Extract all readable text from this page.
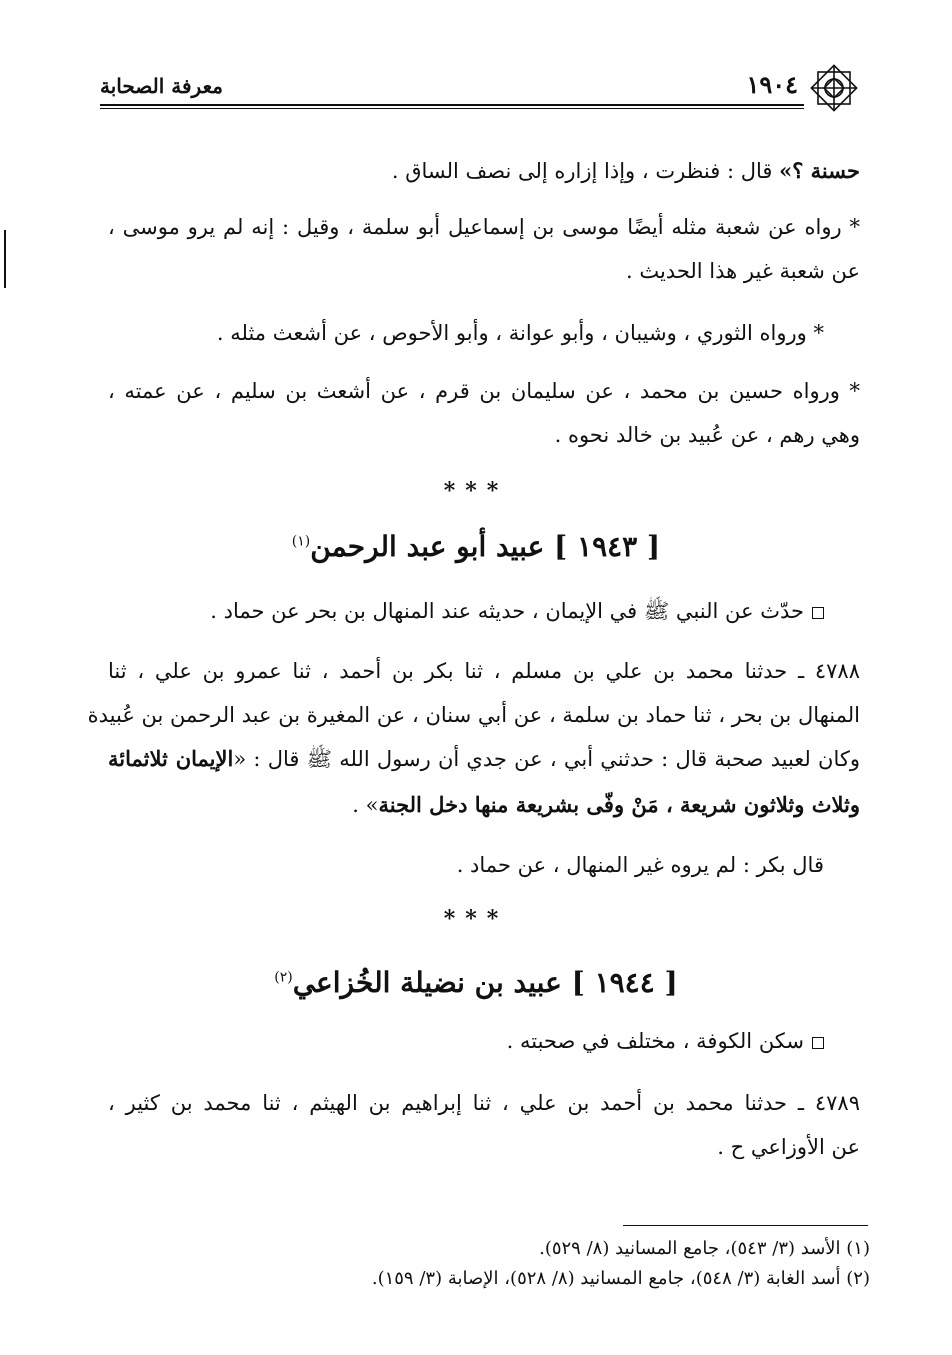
معرفة الصحابة	١٩٠٤
حسنة ؟» قال : فنظرت ، وإذا إزاره إلى نصف الساق .
* رواه عن شعبة مثله أيضًا موسى بن إسماعيل أبو سلمة ، وقيل : إنه لم يرو موسى ،
عن شعبة غير هذا الحديث .
* ورواه الثوري ، وشيبان ، وأبو عوانة ، وأبو الأحوص ، عن أشعث مثله .
* ورواه حسين بن محمد ، عن سليمان بن قرم ، عن أشعث بن سليم ، عن عمته ،
وهي رهم ، عن عُبيد بن خالد نحوه .
***
[ ١٩٤٣ ] عبيد أبو عبد الرحمن$^{(١)}$
حدّث عن النبي ﷺ في الإيمان ، حديثه عند المنهال بن بحر عن حماد .
٤٧٨٨ ـ حدثنا محمد بن علي بن مسلم ، ثنا بكر بن أحمد ، ثنا عمرو بن علي ، ثنا
المنهال بن بحر ، ثنا حماد بن سلمة ، عن أبي سنان ، عن المغيرة بن عبد الرحمن بن عُبيدة
وكان لعبيد صحبة قال : حدثني أبي ، عن جدي أن رسول الله ﷺ قال : «الإيمان ثلاثمائة
وثلاث وثلاثون شريعة ، مَنْ وفّى بشريعة منها دخل الجنة» .
قال بكر : لم يروه غير المنهال ، عن حماد .
***
[ ١٩٤٤ ] عبيد بن نضيلة الخُزاعي$^{(٢)}$
سكن الكوفة ، مختلف في صحبته .
٤٧٨٩ ـ حدثنا محمد بن أحمد بن علي ، ثنا إبراهيم بن الهيثم ، ثنا محمد بن كثير ،
عن الأوزاعي ح .
(١) الأسد (٣/ ٥٤٣)، جامع المسانيد (٨/ ٥٢٩).
(٢) أسد الغابة (٣/ ٥٤٨)، جامع المسانيد (٨/ ٥٢٨)، الإصابة (٣/ ١٥٩).
